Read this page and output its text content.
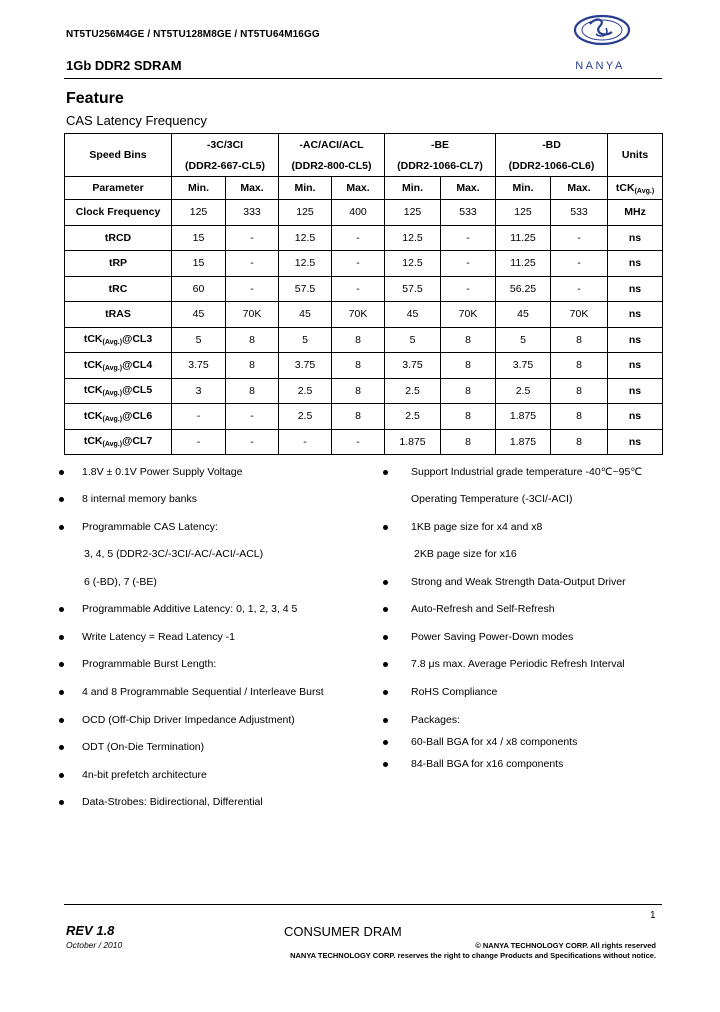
NT5TU256M4GE / NT5TU128M8GE / NT5TU64M16GG
1Gb DDR2 SDRAM	NANYA
Feature
CAS Latency Frequency
Speed Bins	-3C/3CI		-AC/ACI/ACL		-BE		-BD		Units
	(DDR2-667-CL5)		(DDR2-800-CL5)		(DDR2-1066-CL7)		(DDR2-1066-CL6)		
Parameter	Min.	Max.	Min.	Max.	Min.	Max.	Min.	Max.	tCK$_{(Avg.)}$
Clock Frequency	125	333	125	400	125	533	125	533	MHz
tRCD	15	-	12.5	-	12.5	-	11.25	-	ns
tRP	15	-	12.5	-	12.5	-	11.25	-	ns
tRC	60	-	57.5	-	57.5	-	56.25	-	ns
tRAS	45	70K	45	70K	45	70K	45	70K	ns
tCK$_{(Avg.)}$@CL3	5	8	5	8	5	8	5	8	ns
tCK$_{(Avg.)}$@CL4	3.75	8	3.75	8	3.75	8	3.75	8	ns
tCK$_{(Avg.)}$@CL5	3	8	2.5	8	2.5	8	2.5	8	ns
tCK$_{(Avg.)}$@CL6	-	-	2.5	8	2.5	8	1.875	8	ns
tCK$_{(Avg.)}$@CL7	-	-	-	-	1.875	8	1.875	8	ns
1.8V ± 0.1V Power Supply Voltage
8 internal memory banks
Programmable CAS Latency:
3, 4, 5 (DDR2-3C/-3CI/-AC/-ACI/-ACL)
6 (-BD), 7 (-BE)
Programmable Additive Latency: 0, 1, 2, 3, 4 5
Write Latency = Read Latency -1
Programmable Burst Length:
4 and 8 Programmable Sequential / Interleave Burst
OCD (Off-Chip Driver Impedance Adjustment)
ODT (On-Die Termination)
4n-bit prefetch architecture
Data-Strobes: Bidirectional, Differential
Support Industrial grade temperature -40℃~95℃
Operating Temperature (-3CI/-ACI)
1KB page size for x4 and x8
2KB page size for x16
Strong and Weak Strength Data-Output Driver
Auto-Refresh and Self-Refresh
Power Saving Power-Down modes
7.8 μs max. Average Periodic Refresh Interval
RoHS Compliance
Packages:
60-Ball BGA for x4 / x8 components
84-Ball BGA for x16 components
1
REV 1.8
October / 2010
CONSUMER DRAM
© NANYA TECHNOLOGY CORP. All rights reserved
NANYA TECHNOLOGY CORP. reserves the right to change Products and Specifications without notice.
